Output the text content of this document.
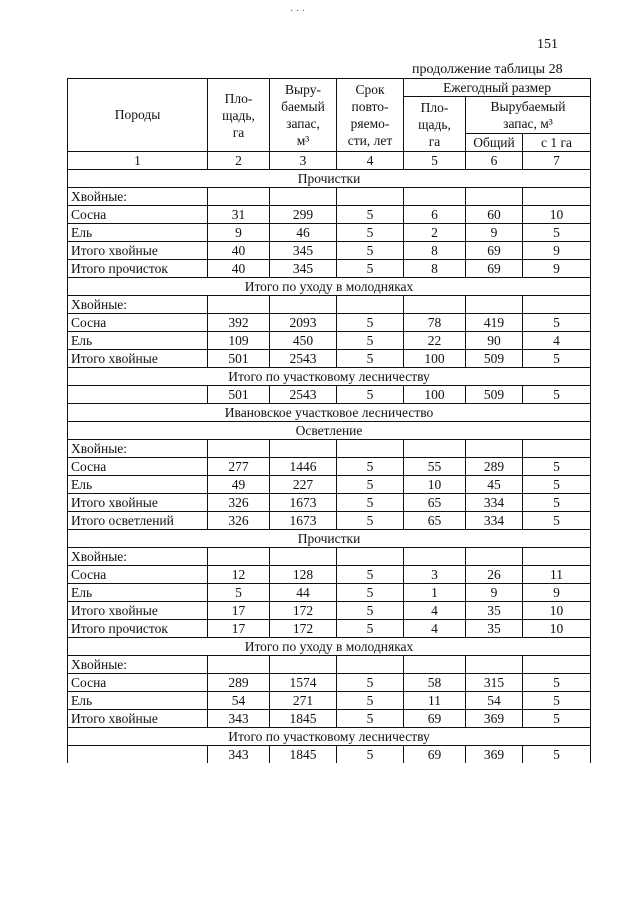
151
продолжение таблицы 28
Породы	Пло-
щадь,
га	Выру-
баемый
запас,
м³	Срок
повто-
ряемо-
сти, лет	Ежегодный размер		
				Пло-
щадь,
га	Вырубаемый
запас, м³	
					Общий	с 1 га
1	2	3	4	5	6	7
Прочистки						
Хвойные:						
Сосна	31	299	5	6	60	10
Ель	9	46	5	2	9	5
Итого хвойные	40	345	5	8	69	9
Итого прочисток	40	345	5	8	69	9
Итого по уходу в молодняках						
Хвойные:						
Сосна	392	2093	5	78	419	5
Ель	109	450	5	22	90	4
Итого хвойные	501	2543	5	100	509	5
Итого по участковому лесничеству						
	501	2543	5	100	509	5
Ивановское участковое лесничество						
Осветление						
Хвойные:						
Сосна	277	1446	5	55	289	5
Ель	49	227	5	10	45	5
Итого хвойные	326	1673	5	65	334	5
Итого осветлений	326	1673	5	65	334	5
Прочистки						
Хвойные:						
Сосна	12	128	5	3	26	11
Ель	5	44	5	1	9	9
Итого хвойные	17	172	5	4	35	10
Итого прочисток	17	172	5	4	35	10
Итого по уходу в молодняках						
Хвойные:						
Сосна	289	1574	5	58	315	5
Ель	54	271	5	11	54	5
Итого хвойные	343	1845	5	69	369	5
Итого по участковому лесничеству						
	343	1845	5	69	369	5
· · ·
